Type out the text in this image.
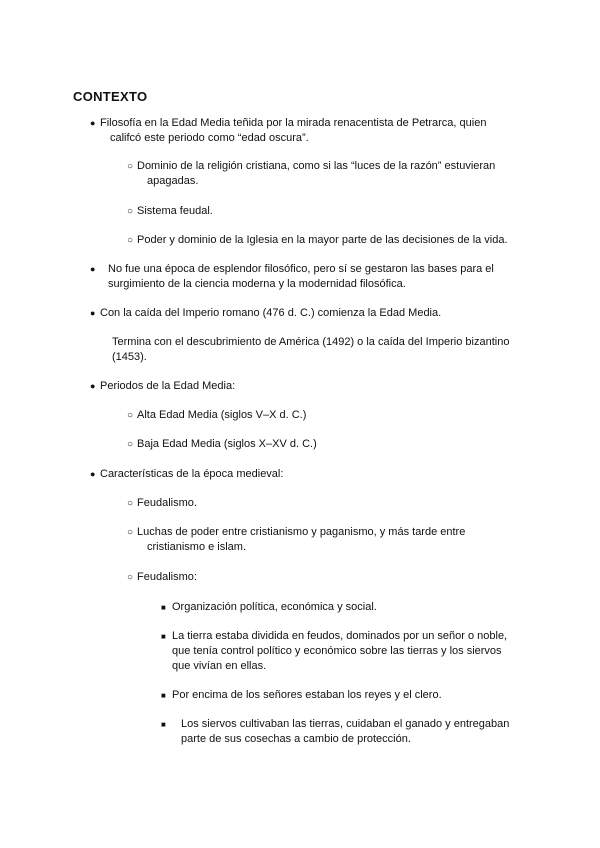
CONTEXTO
● Filosofía en la Edad Media teñida por la mirada renacentista de Petrarca, quien califcó este periodo como “edad oscura”.
○ Dominio de la religión cristiana, como si las “luces de la razón” estuvieran apagadas.
○ Sistema feudal.
○ Poder y dominio de la Iglesia en la mayor parte de las decisiones de la vida.
● No fue una época de esplendor filosófico, pero sí se gestaron las bases para el surgimiento de la ciencia moderna y la modernidad filosófica.
● Con la caída del Imperio romano (476 d. C.) comienza la Edad Media.
Termina con el descubrimiento de América (1492) o la caída del Imperio bizantino (1453).
● Periodos de la Edad Media:
○ Alta Edad Media (siglos V–X d. C.)
○ Baja Edad Media (siglos X–XV d. C.)
● Características de la época medieval:
○ Feudalismo.
○ Luchas de poder entre cristianismo y paganismo, y más tarde entre cristianismo e islam.
○ Feudalismo:
■ Organización política, económica y social.
■ La tierra estaba dividida en feudos, dominados por un señor o noble, que tenía control político y económico sobre las tierras y los siervos que vivían en ellas.
■ Por encima de los señores estaban los reyes y el clero.
■ Los siervos cultivaban las tierras, cuidaban el ganado y entregaban parte de sus cosechas a cambio de protección.
